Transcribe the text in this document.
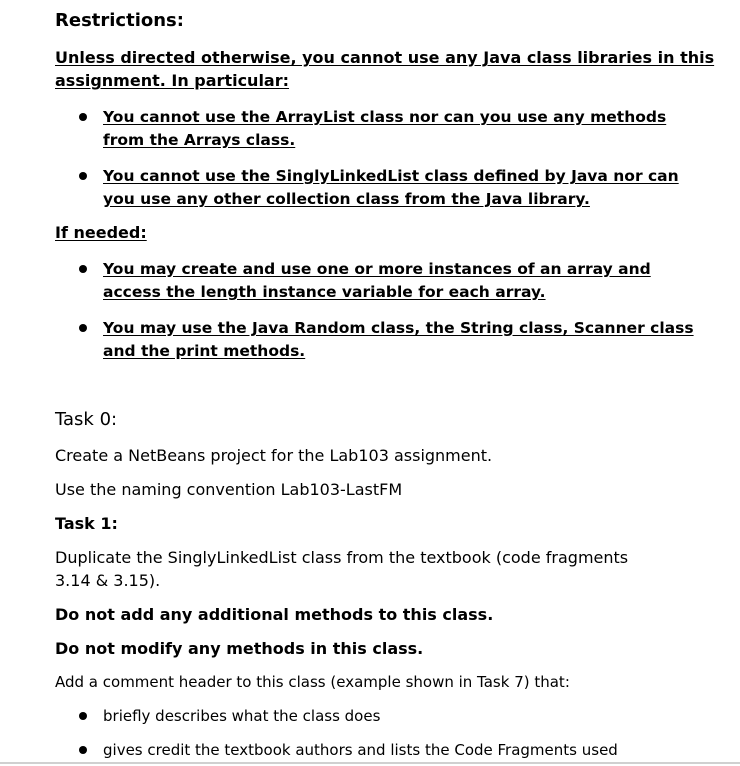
Restrictions:
Unless directed otherwise, you cannot use any Java class libraries in this
assignment. In particular:
You cannot use the ArrayList class nor can you use any methods
from the Arrays class.
You cannot use the SinglyLinkedList class defined by Java nor can
you use any other collection class from the Java library.
If needed:
You may create and use one or more instances of an array and
access the length instance variable for each array.
You may use the Java Random class, the String class, Scanner class
and the print methods.
Task 0:
Create a NetBeans project for the Lab103 assignment.
Use the naming convention Lab103-LastFM
Task 1:
Duplicate the SinglyLinkedList class from the textbook (code fragments
3.14 & 3.15).
Do not add any additional methods to this class.
Do not modify any methods in this class.
Add a comment header to this class (example shown in Task 7) that:
briefly describes what the class does
gives credit the textbook authors and lists the Code Fragments used
